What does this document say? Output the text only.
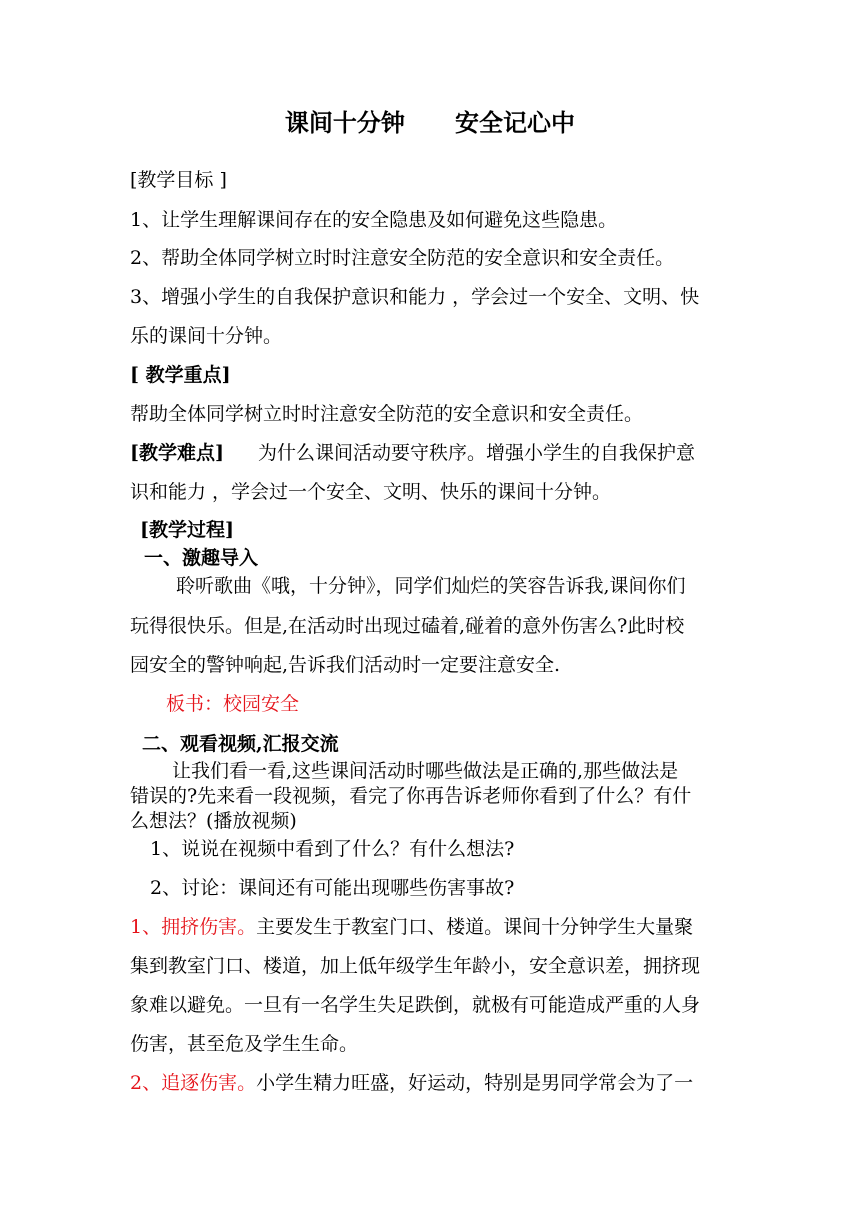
课间十分钟      安全记心中
[教学目标 ]
1、让学生理解课间存在的安全隐患及如何避免这些隐患。
2、帮助全体同学树立时时注意安全防范的安全意识和安全责任。
3、增强小学生的自我保护意识和能力 ，学会过一个安全、文明、快
乐的课间十分钟。
[ 教学重点]
帮助全体同学树立时时注意安全防范的安全意识和安全责任。
[教学难点] 为什么课间活动要守秩序。增强小学生的自我保护意
识和能力 ，学会过一个安全、文明、快乐的课间十分钟。
[教学过程]
一、激趣导入
聆听歌曲《哦，十分钟》，同学们灿烂的笑容告诉我,课间你们
玩得很快乐。但是,在活动时出现过磕着,碰着的意外伤害么?此时校
园安全的警钟响起,告诉我们活动时一定要注意安全.
板书：校园安全
二、观看视频,汇报交流
让我们看一看,这些课间活动时哪些做法是正确的,那些做法是
错误的?先来看一段视频，看完了你再告诉老师你看到了什么？有什
么想法？(播放视频)
1、说说在视频中看到了什么？有什么想法?
2、讨论：课间还有可能出现哪些伤害事故?
1、拥挤伤害。主要发生于教室门口、楼道。课间十分钟学生大量聚
集到教室门口、楼道，加上低年级学生年龄小，安全意识差，拥挤现
象难以避免。一旦有一名学生失足跌倒，就极有可能造成严重的人身
伤害，甚至危及学生生命。
2、追逐伤害。小学生精力旺盛，好运动，特别是男同学常会为了一
